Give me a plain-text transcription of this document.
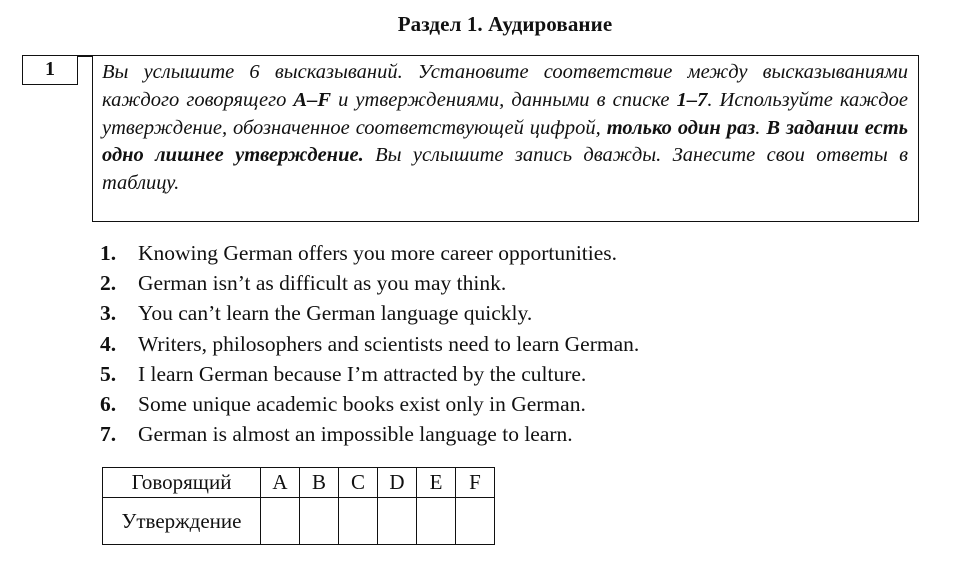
Раздел 1. Аудирование
1	Вы услышите 6 высказываний. Установите соответствие между высказываниями каждого говорящего A–F и утверждениями, данными в списке 1–7. Используйте каждое утверждение, обозначенное соответствующей цифрой, только один раз. В задании есть одно лишнее утверждение. Вы услышите запись дважды. Занесите свои ответы в таблицу.
1. Knowing German offers you more career opportunities.
2. German isn’t as difficult as you may think.
3. You can’t learn the German language quickly.
4. Writers, philosophers and scientists need to learn German.
5. I learn German because I’m attracted by the culture.
6. Some unique academic books exist only in German.
7. German is almost an impossible language to learn.
Говорящий	A	B	C	D	E	F
Утверждение						
